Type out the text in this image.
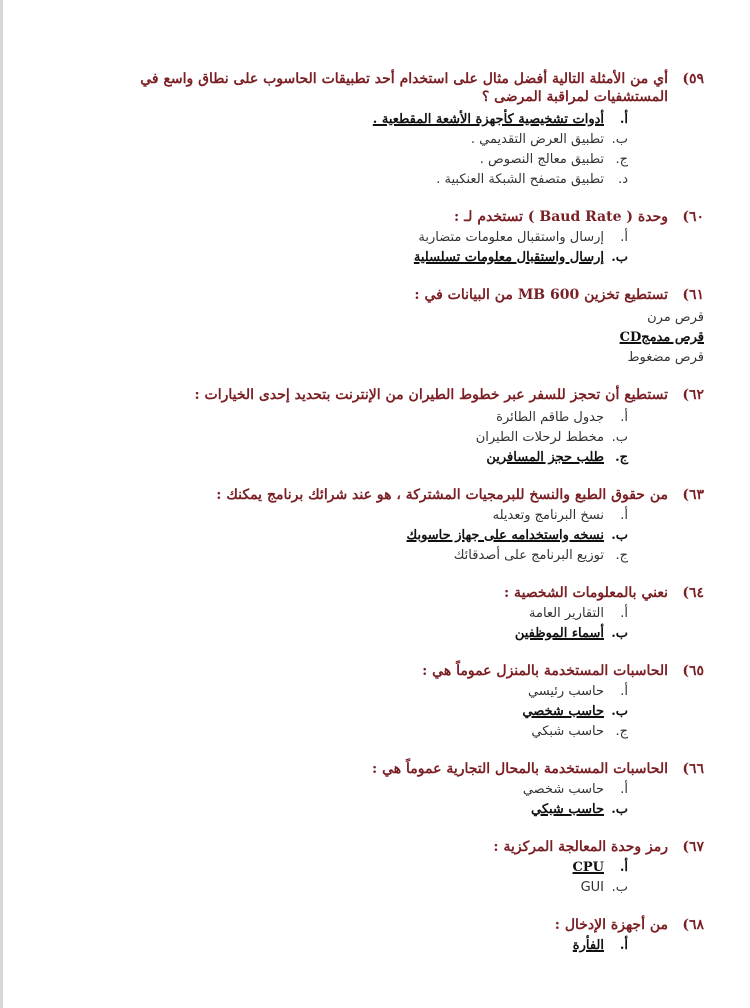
٥٩)
أي من الأمثلة التالية أفضل مثال على استخدام أحد تطبيقات الحاسوب على نطاق واسع في المستشفيات لمراقبة المرضى ؟
أ.
أدوات تشخيصية كأجهزة الأشعة المقطعية .
ب.
تطبيق العرض التقديمي .
ج.
تطبيق معالج النصوص .
د.
تطبيق متصفح الشبكة العنكبية .
٦٠)
وحدة ( Baud Rate ) تستخدم لـ :
أ.
إرسال واستقبال معلومات متضاربة
ب.
إرسال واستقبال معلومات تسلسلية
٦١)
تستطيع تخزين 600 MB من البيانات في :
قرص مرن
قرص مدمجCD
قرص مضغوط
٦٢)
تستطيع أن تحجز للسفر عبر خطوط الطيران من الإنترنت بتحديد إحدى الخيارات :
أ.
جدول طاقم الطائرة
ب.
مخطط لرحلات الطيران
ج.
طلب حجز المسافرين
٦٣)
من حقوق الطبع والنسخ للبرمجيات المشتركة ، هو عند شرائك برنامج يمكنك :
أ.
نسخ البرنامج وتعديله
ب.
نسخه واستخدامه على جهاز حاسوبك
ج.
توزيع البرنامج على أصدقائك
٦٤)
نعني بالمعلومات الشخصية :
أ.
التقارير العامة
ب.
أسماء الموظفين
٦٥)
الحاسبات المستخدمة بالمنزل عموماً هي :
أ.
حاسب رئيسي
ب.
حاسب شخصي
ج.
حاسب شبكي
٦٦)
الحاسبات المستخدمة بالمحال التجارية عموماً هي :
أ.
حاسب شخصي
ب.
حاسب شبكي
٦٧)
رمز وحدة المعالجة المركزية :
أ.
CPU
ب.
GUI
٦٨)
من أجهزة الإدخال :
أ.
الفأرة
